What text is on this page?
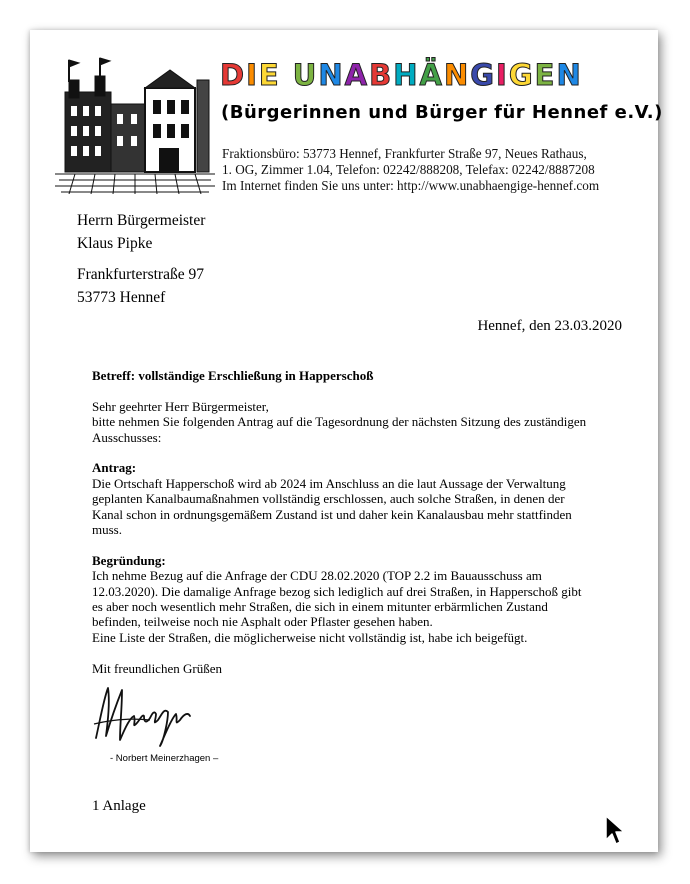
DIE UNABHÄNGIGEN
(Bürgerinnen und Bürger für Hennef e.V.)
Fraktionsbüro: 53773 Hennef, Frankfurter Straße 97, Neues Rathaus,
1. OG, Zimmer 1.04, Telefon: 02242/888208, Telefax: 02242/8887208
Im Internet finden Sie uns unter: http://www.unabhaengige-hennef.com
Herrn Bürgermeister
Klaus Pipke
Frankfurterstraße 97
53773 Hennef
Hennef, den 23.03.2020

Betreff: vollständige Erschließung in Happerschoß

Sehr geehrter Herr Bürgermeister,

bitte nehmen Sie folgenden Antrag auf die Tagesordnung der nächsten Sitzung des zuständigen Ausschusses:

Antrag:

Die Ortschaft Happerschoß wird ab 2024 im Anschluss an die laut Aussage der Verwaltung geplanten Kanalbaumaßnahmen vollständig erschlossen, auch solche Straßen, in denen der Kanal schon in ordnungsgemäßem Zustand ist und daher kein Kanalausbau mehr stattfinden muss.

Begründung:

Ich nehme Bezug auf die Anfrage der CDU 28.02.2020 (TOP 2.2 im Bauausschuss am 12.03.2020). Die damalige Anfrage bezog sich lediglich auf drei Straßen, in Happerschoß gibt es aber noch wesentlich mehr Straßen, die sich in einem mitunter erbärmlichen Zustand befinden, teilweise noch nie Asphalt oder Pflaster gesehen haben.

Eine Liste der Straßen, die möglicherweise nicht vollständig ist, habe ich beigefügt.

Mit freundlichen Grüßen

- Norbert Meinerzhagen –
1 Anlage
